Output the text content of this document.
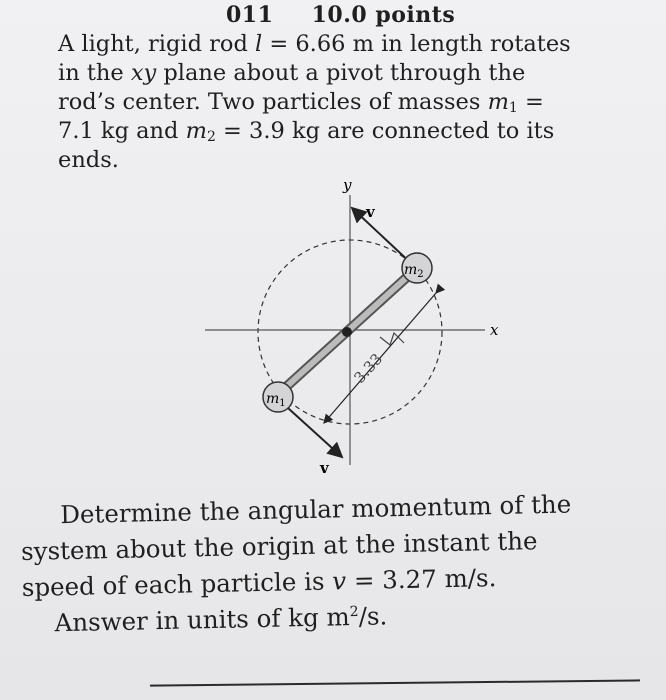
011 10.0 points
A light, rigid rod l = 6.66 m in length rotates
in the xy plane about a pivot through the
rod’s center. Two particles of masses $m_1$ =
7.1 kg and $m_2 = 3.9$ kg are connected to its
ends.
y
x
v
v
$m_2$
$m_1$
3.33
Determine the angular momentum of the
system about the origin at the instant the
speed of each particle is v = 3.27 m/s.
Answer in units of kg $m^2/s$.
